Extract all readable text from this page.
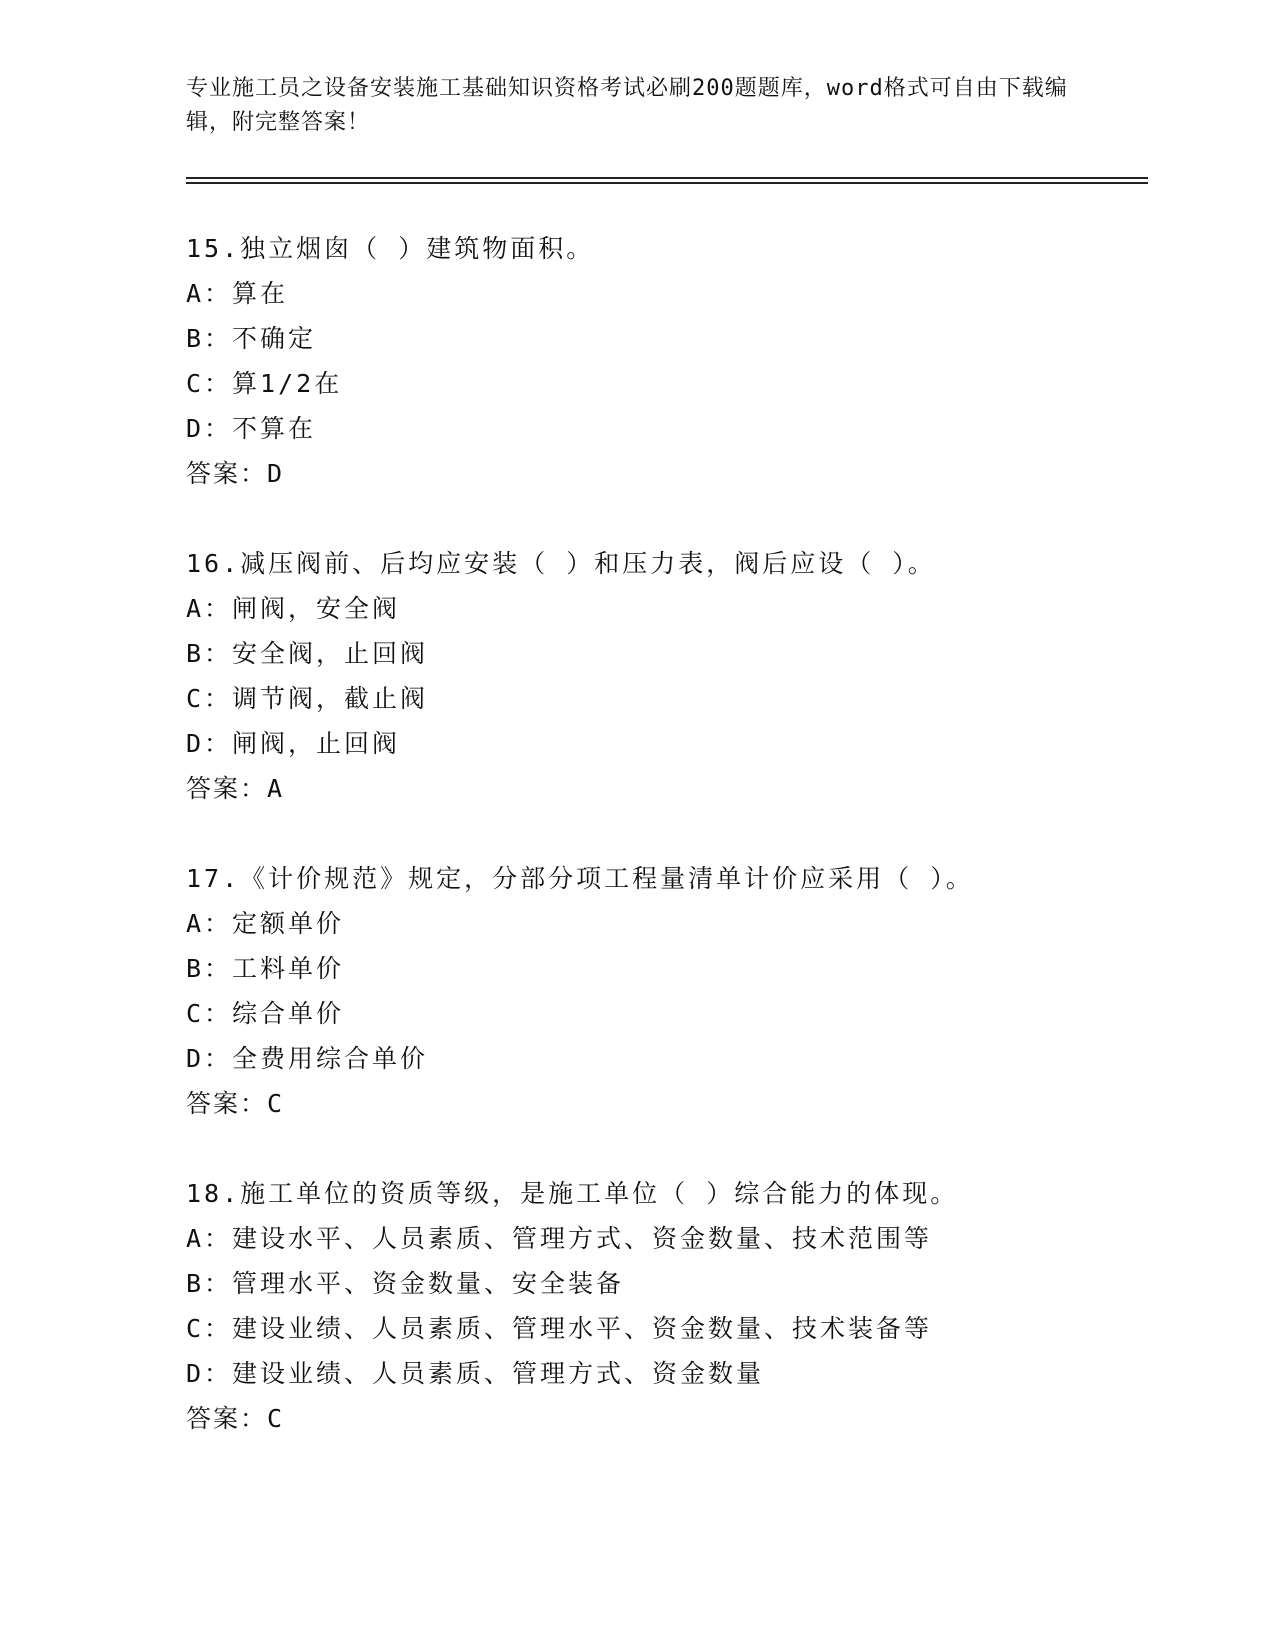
专业施工员之设备安装施工基础知识资格考试必刷200题题库，word格式可自由下载编辑，附完整答案！
15.独立烟囱（ ）建筑物面积。
A：算在
B：不确定
C：算1/2在
D：不算在
答案：D
16.减压阀前、后均应安装（ ）和压力表，阀后应设（ ）。
A：闸阀，安全阀
B：安全阀，止回阀
C：调节阀，截止阀
D：闸阀，止回阀
答案：A
17.《计价规范》规定，分部分项工程量清单计价应采用（ ）。
A：定额单价
B：工料单价
C：综合单价
D：全费用综合单价
答案：C
18.施工单位的资质等级，是施工单位（ ）综合能力的体现。
A：建设水平、人员素质、管理方式、资金数量、技术范围等
B：管理水平、资金数量、安全装备
C：建设业绩、人员素质、管理水平、资金数量、技术装备等
D：建设业绩、人员素质、管理方式、资金数量
答案：C
